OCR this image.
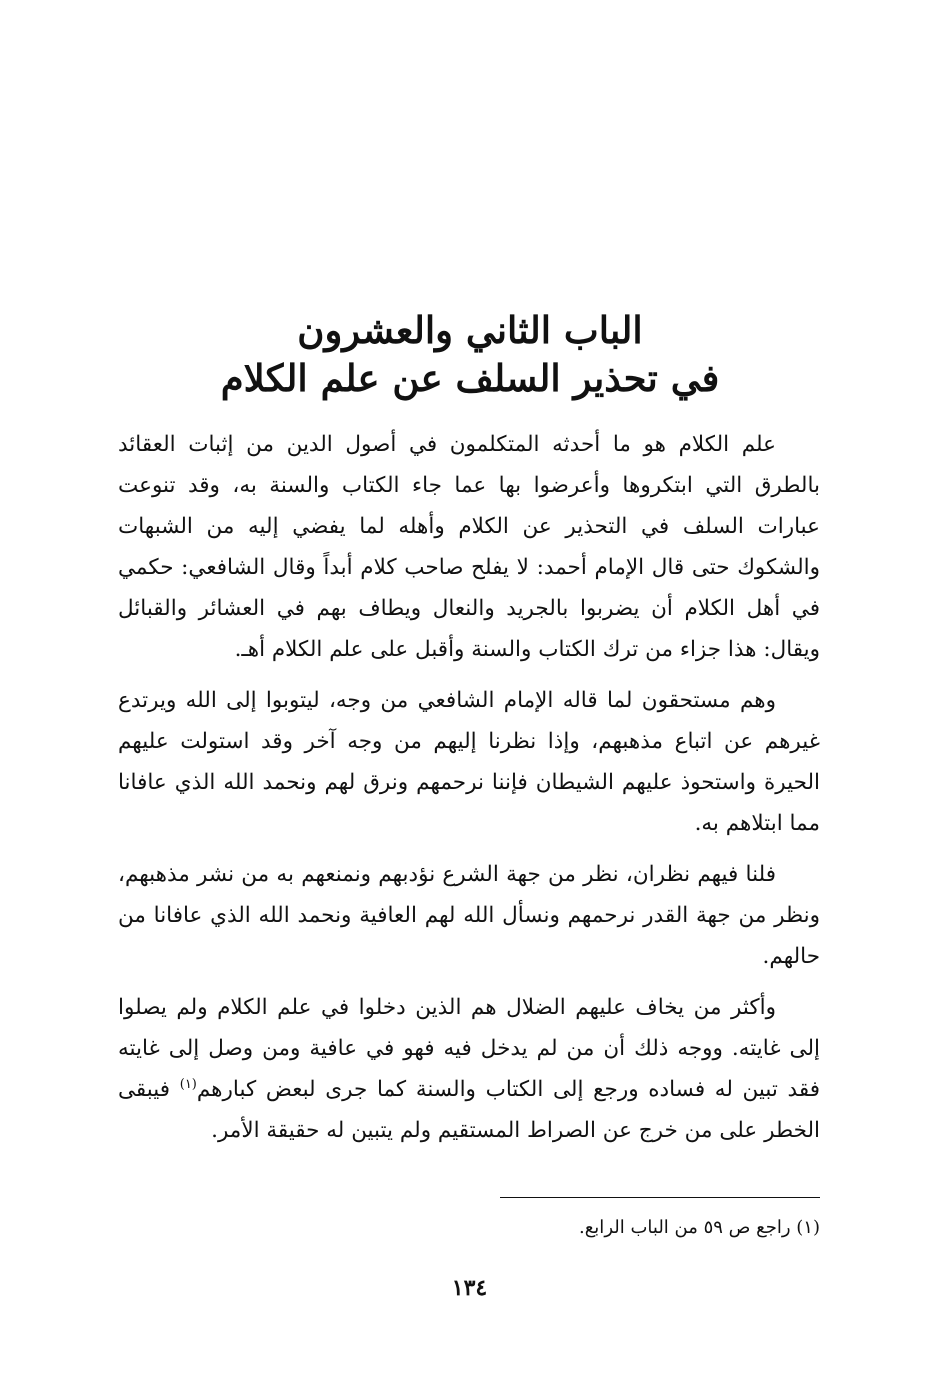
الباب الثاني والعشرون
في تحذير السلف عن علم الكلام

علم الكلام هو ما أحدثه المتكلمون في أصول الدين من إثبات العقائد بالطرق التي ابتكروها وأعرضوا بها عما جاء الكتاب والسنة به، وقد تنوعت عبارات السلف في التحذير عن الكلام وأهله لما يفضي إليه من الشبهات والشكوك حتى قال الإمام أحمد: لا يفلح صاحب كلام أبداً وقال الشافعي: حكمي في أهل الكلام أن يضربوا بالجريد والنعال ويطاف بهم في العشائر والقبائل ويقال: هذا جزاء من ترك الكتاب والسنة وأقبل على علم الكلام أهـ.

وهم مستحقون لما قاله الإمام الشافعي من وجه، ليتوبوا إلى الله ويرتدع غيرهم عن اتباع مذهبهم، وإذا نظرنا إليهم من وجه آخر وقد استولت عليهم الحيرة واستحوذ عليهم الشيطان فإننا نرحمهم ونرق لهم ونحمد الله الذي عافانا مما ابتلاهم به.

فلنا فيهم نظران، نظر من جهة الشرع نؤدبهم ونمنعهم به من نشر مذهبهم، ونظر من جهة القدر نرحمهم ونسأل الله لهم العافية ونحمد الله الذي عافانا من حالهم.

وأكثر من يخاف عليهم الضلال هم الذين دخلوا في علم الكلام ولم يصلوا إلى غايته. ووجه ذلك أن من لم يدخل فيه فهو في عافية ومن وصل إلى غايته فقد تبين له فساده ورجع إلى الكتاب والسنة كما جرى لبعض كبارهم$^{(١)}$ فيبقى الخطر على من خرج عن الصراط المستقيم ولم يتبين له حقيقة الأمر.

(١) راجع ص ٥٩ من الباب الرابع.
١٣٤
